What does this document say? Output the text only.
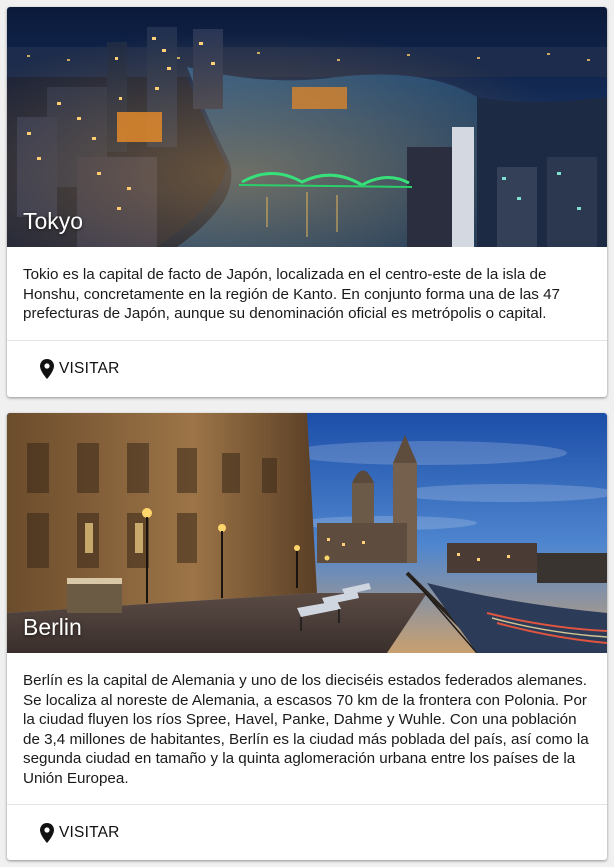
Tokyo
Tokio es la capital de facto de Japón, localizada en el centro-este de la isla de Honshu, concretamente en la región de Kanto. En conjunto forma una de las 47 prefecturas de Japón, aunque su denominación oficial es metrópolis o capital.
VISITAR
Berlin
Berlín es la capital de Alemania y uno de los dieciséis estados federados alemanes. Se localiza al noreste de Alemania, a escasos 70 km de la frontera con Polonia. Por la ciudad fluyen los ríos Spree, Havel, Panke, Dahme y Wuhle. Con una población de 3,4 millones de habitantes, Berlín es la ciudad más poblada del país, así como la segunda ciudad en tamaño y la quinta aglomeración urbana entre los países de la Unión Europea.
VISITAR
